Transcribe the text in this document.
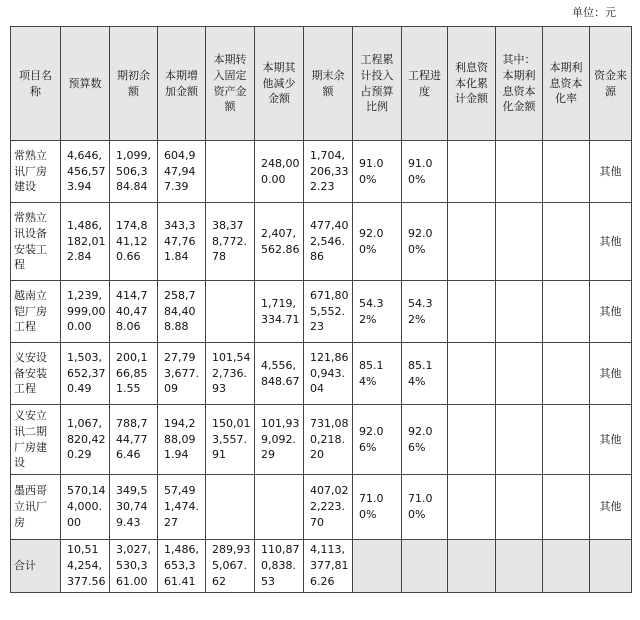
单位：元
项目名称	预算数	期初余额	本期增加金额	本期转入固定资产金额	本期其他减少金额	期末余额	工程累计投入占预算比例	工程进度	利息资本化累计金额	其中：本期利息资本化金额	本期利息资本化率	资金来源
常熟立讯厂房建设	4,646,456,573.94	1,099,506,384.84	604,947,947.39		248,000.00	1,704,206,332.23	91.00%	91.00%				其他
常熟立讯设备安装工程	1,486,182,012.84	174,841,120.66	343,347,761.84	38,378,772.78	2,407,562.86	477,402,546.86	92.00%	92.00%				其他
越南立铠厂房工程	1,239,999,000.00	414,740,478.06	258,784,408.88		1,719,334.71	671,805,552.23	54.32%	54.32%				其他
义安设备安装工程	1,503,652,370.49	200,166,851.55	27,793,677.09	101,542,736.93	4,556,848.67	121,860,943.04	85.14%	85.14%				其他
义安立讯二期厂房建设	1,067,820,420.29	788,744,776.46	194,288,091.94	150,013,557.91	101,939,092.29	731,080,218.20	92.06%	92.06%				其他
墨西哥立讯厂房	570,144,000.00	349,530,749.43	57,491,474.27			407,022,223.70	71.00%	71.00%				其他
合计	10,514,254,377.56	3,027,530,361.00	1,486,653,361.41	289,935,067.62	110,870,838.53	4,113,377,816.26						
